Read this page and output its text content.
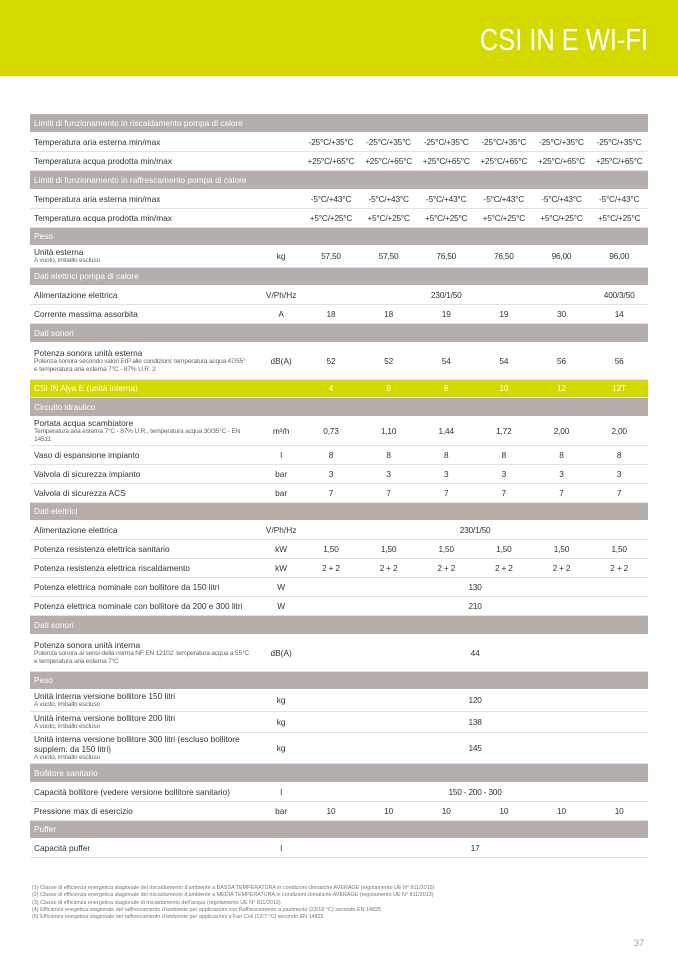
CSI IN E WI-FI
Limiti di funzionamento in riscaldamento pompa di calore							

Temperatura aria esterna min/max		-25°C/+35°C	-25°C/+35°C	-25°C/+35°C	-25°C/+35°C	-25°C/+35°C	-25°C/+35°C

Temperatura acqua prodotta min/max		+25°C/+65°C	+25°C/+65°C	+25°C/+65°C	+25°C/+65°C	+25°C/+65°C	+25°C/+65°C
Limiti di funzionamento in raffrescamento pompa di calore							

Temperatura aria esterna min/max		-5°C/+43°C	-5°C/+43°C	-5°C/+43°C	-5°C/+43°C	-5°C/+43°C	-5°C/+43°C

Temperatura acqua prodotta min/max		+5°C/+25°C	+5°C/+25°C	+5°C/+25°C	+5°C/+25°C	+5°C/+25°C	+5°C/+25°C
Peso							

Unità esterna
A vuoto, imballo escluso	kg	57,50	57,50	76,50	76,50	96,00	96,00
Dati elettrici pompa di calore							

Alimentazione elettrica	V/Ph/Hz	230/1/50					400/3/50

Corrente massima assorbita	A	18	18	19	19	30	14
Dati sonori							

Potenza sonora unità esterna
Potenza sonora secondo valori ErP alle condizioni: temperatura acqua 47/55°
e temperatura aria esterna 7°C - 87% U.R. 2	dB(A)	52	52	54	54	56	56

CSI IN Alya E (unità interna)		4	6	8	10	12	12T
Circuito idraulico							

Portata acqua scambiatore
Temperatura aria esterna 7°C - 87% U.R., temperatura acqua 30/35°C - EN 14511	m³/h	0,73	1,10	1,44	1,72	2,00	2,00

Vaso di espansione impianto	l	8	8	8	8	8	8

Valvola di sicurezza impianto	bar	3	3	3	3	3	3

Valvola di sicurezza ACS	bar	7	7	7	7	7	7
Dati elettrici							

Alimentazione elettrica	V/Ph/Hz	230/1/50					

Potenza resistenza elettrica sanitario	kW	1,50	1,50	1,50	1,50	1,50	1,50

Potenza resistenza elettrica riscaldamento	kW	2 + 2	2 + 2	2 + 2	2 + 2	2 + 2	2 + 2

Potenza elettrica nominale con bollitore da 150 litri	W	130					

Potenza elettrica nominale con bollitore da 200 e 300 litri	W	210					
Dati sonori							

Potenza sonora unità interna
Potenza sonora ai sensi della norma NF EN 12102: temperatura acqua a 55°C
e temperatura aria esterna 7°C	dB(A)	44					
Peso							

Unità interna versione bollitore 150 litri
A vuoto, imballo escluso	kg	120					

Unità interna versione bollitore 200 litri
A vuoto, imballo escluso	kg	138					

Unità interna versione bollitore 300 litri (escluso bollitore supplem. da 150 litri)
A vuoto, imballo escluso	kg	145					
Bollitore sanitario							

Capacità bollitore (vedere versione bollitore sanitario)	l	150 - 200 - 300					

Pressione max di esercizio	bar	10	10	10	10	10	10
Puffer							

Capacità puffer	l	17					
(1) Classe di efficienza energetica stagionale del riscaldamento d'ambiente a BASSA TEMPERATURA in condizioni climatiche AVERAGE (regolamento UE N° 811/2013)
(2) Classe di efficienza energetica stagionale del riscaldamento d'ambiente a MEDIA TEMPERATURA in condizioni climatiche AVERAGE (regolamento UE N° 811/2013)
(3) Classe di efficienza energetica stagionale di riscaldamento dell'acqua (regolamento UE N° 811/2013)
(4) Efficienza enegetica stagionale del raffrescamento d'ambiente per applicazioni con Raffrescamento a pavimento (23/18 °C) secondo EN 14825
(5) Efficienza enegetica stagionale del raffrescamento d'ambiente per applicazioni a Fan Coil (12/7 °C) secondo EN 14825
37
